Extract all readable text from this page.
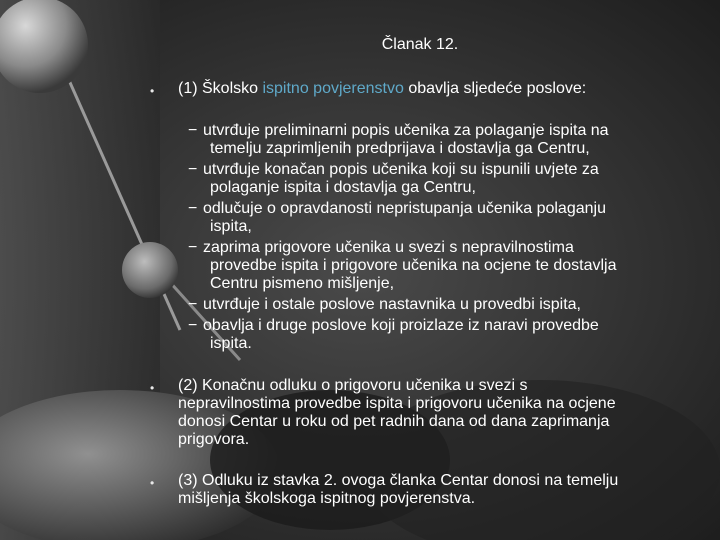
Članak 12.
• (1) Školsko ispitno povjerenstvo obavlja sljedeće poslove:
− utvrđuje preliminarni popis učenika za polaganje ispita na
temelju zaprimljenih predprijava i dostavlja ga Centru,
− utvrđuje konačan popis učenika koji su ispunili uvjete za
polaganje ispita i dostavlja ga Centru,
− odlučuje o opravdanosti nepristupanja učenika polaganju
ispita,
− zaprima prigovore učenika u svezi s nepravilnostima
provedbe ispita i prigovore učenika na ocjene te dostavlja
Centru pismeno mišljenje,
− utvrđuje i ostale poslove nastavnika u provedbi ispita,
− obavlja i druge poslove koji proizlaze iz naravi provedbe
ispita.
• (2) Konačnu odluku o prigovoru učenika u svezi s
nepravilnostima provedbe ispita i prigovoru učenika na ocjene
donosi Centar u roku od pet radnih dana od dana zaprimanja
prigovora.
• (3) Odluku iz stavka 2. ovoga članka Centar donosi na temelju
mišljenja školskoga ispitnog povjerenstva.
